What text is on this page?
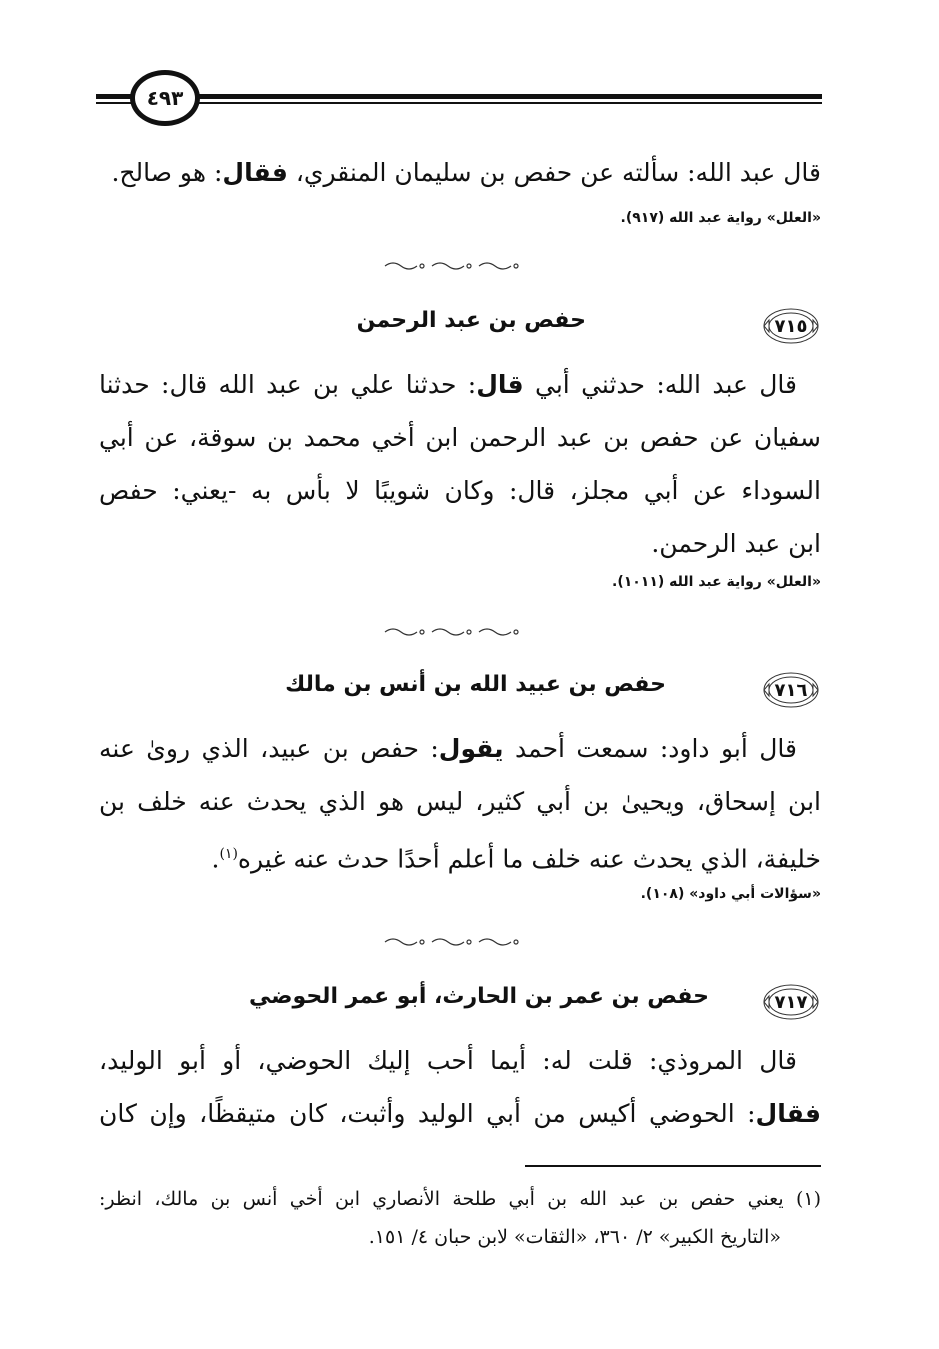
٤٩٣
قال عبد الله: سألته عن حفص بن سليمان المنقري، فقال: هو صالح.
«العلل» رواية عبد الله (٩١٧).
٧١٥
حفص بن عبد الرحمن
قال عبد الله: حدثني أبي قال: حدثنا علي بن عبد الله قال: حدثنا
سفيان عن حفص بن عبد الرحمن ابن أخي محمد بن سوقة، عن أبي
السوداء عن أبي مجلز، قال: وكان شويبًا لا بأس به -يعني: حفص
ابن عبد الرحمن.
«العلل» رواية عبد الله (١٠١١).
٧١٦
حفص بن عبيد الله بن أنس بن مالك
قال أبو داود: سمعت أحمد يقول: حفص بن عبيد، الذي روىٰ عنه
ابن إسحاق، ويحيىٰ بن أبي كثير، ليس هو الذي يحدث عنه خلف بن
خليفة، الذي يحدث عنه خلف ما أعلم أحدًا حدث عنه غيره$^{(١)}$.
«سؤالات أبي داود» (١٠٨).
٧١٧
حفص بن عمر بن الحارث، أبو عمر الحوضي
قال المروذي: قلت له: أيما أحب إليك الحوضي، أو أبو الوليد،
فقال: الحوضي أكيس من أبي الوليد وأثبت، كان متيقظًا، وإن كان
(١) يعني حفص بن عبد الله بن أبي طلحة الأنصاري ابن أخي أنس بن مالك، انظر:
«التاريخ الكبير» ٢/ ٣٦٠، «الثقات» لابن حبان ٤/ ١٥١.
